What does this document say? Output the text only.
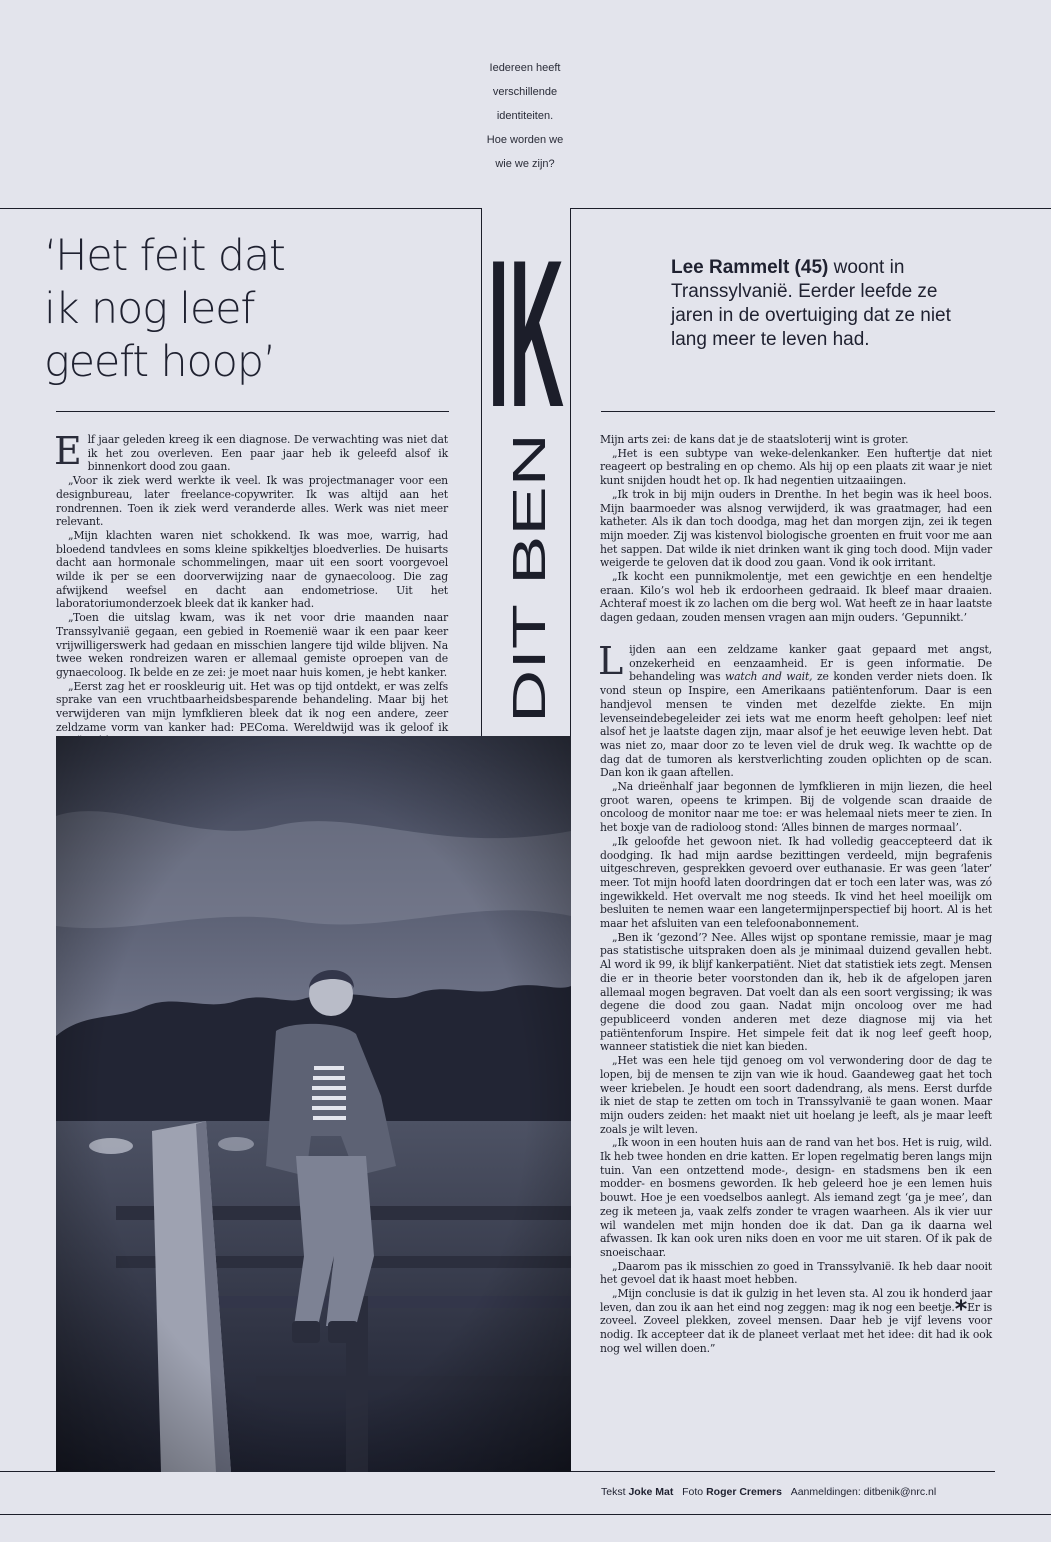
Iedereen heeft
verschillende
identiteiten.
Hoe worden we
wie we zijn?
‘Het feit dat
ik nog leef
geeft hoop’	IK
DIT BEN
Lee Rammelt (45) woont in Transsylvanië. Eerder leefde ze jaren in de overtuiging dat ze niet lang meer te leven had.

Elf jaar geleden kreeg ik een diagnose. De verwachting was niet dat ik het zou overleven. Een paar jaar heb ik geleefd alsof ik binnenkort dood zou gaan.

„Voor ik ziek werd werkte ik veel. Ik was projectmanager voor een designbureau, later freelance-copywriter. Ik was altijd aan het rondrennen. Toen ik ziek werd veranderde alles. Werk was niet meer relevant.

„Mijn klachten waren niet schokkend. Ik was moe, warrig, had bloedend tandvlees en soms kleine spikkeltjes bloedverlies. De huisarts dacht aan hormonale schommelingen, maar uit een soort voorgevoel wilde ik per se een doorverwijzing naar de gynaecoloog. Die zag afwijkend weefsel en dacht aan endometriose. Uit het laboratoriumonderzoek bleek dat ik kanker had.

„Toen die uitslag kwam, was ik net voor drie maanden naar Transsylvanië gegaan, een gebied in Roemenië waar ik een paar keer vrijwilligerswerk had gedaan en misschien langere tijd wilde blijven. Na twee weken rondreizen waren er allemaal gemiste oproepen van de gynaecoloog. Ik belde en ze zei: je moet naar huis komen, je hebt kanker.

„Eerst zag het er rooskleurig uit. Het was op tijd ontdekt, er was zelfs sprake van een vruchtbaarheidsbesparende behandeling. Maar bij het verwijderen van mijn lymfklieren bleek dat ik nog een andere, zeer zeldzame vorm van kanker had: PEComa. Wereldwijd was ik geloof ik

Mijn arts zei: de kans dat je de staatsloterij wint is groter.

„Het is een subtype van weke-delenkanker. Een huftertje dat niet reageert op bestraling en op chemo. Als hij op een plaats zit waar je niet kunt snijden houdt het op. Ik had negentien uitzaaiingen.

„Ik trok in bij mijn ouders in Drenthe. In het begin was ik heel boos. Mijn baarmoeder was alsnog verwijderd, ik was graatmager, had een katheter. Als ik dan toch doodga, mag het dan morgen zijn, zei ik tegen mijn moeder. Zij was kistenvol biologische groenten en fruit voor me aan het sappen. Dat wilde ik niet drinken want ik ging toch dood. Mijn vader weigerde te geloven dat ik dood zou gaan. Vond ik ook irritant.

„Ik kocht een punnikmolentje, met een gewichtje en een hendeltje eraan. Kilo’s wol heb ik erdoorheen gedraaid. Ik bleef maar draaien. Achteraf moest ik zo lachen om die berg wol. Wat heeft ze in haar laatste dagen gedaan, zouden mensen vragen aan mijn ouders. ‘Gepunnikt.’

Lijden aan een zeldzame kanker gaat gepaard met angst, onzekerheid en eenzaamheid. Er is geen informatie. De behandeling was watch and wait, ze konden verder niets doen. Ik vond steun op Inspire, een Amerikaans patiëntenforum. Daar is een handjevol mensen te vinden met dezelfde ziekte. En mijn levenseindebegeleider zei iets wat me enorm heeft geholpen: leef niet alsof het je laatste dagen zijn, maar alsof je het eeuwige leven hebt. Dat was niet zo, maar door zo te leven viel de druk weg. Ik wachtte op de dag dat de tumoren als kerstverlichting zouden oplichten op de scan. Dan kon ik gaan aftellen.

„Na drieënhalf jaar begonnen de lymfklieren in mijn liezen, die heel groot waren, opeens te krimpen. Bij de volgende scan draaide de oncoloog de monitor naar me toe: er was helemaal niets meer te zien. In het boxje van de radioloog stond: ‘Alles binnen de marges normaal’.

„Ik geloofde het gewoon niet. Ik had volledig geaccepteerd dat ik doodging. Ik had mijn aardse bezittingen verdeeld, mijn begrafenis uitgeschreven, gesprekken gevoerd over euthanasie. Er was geen ‘later’ meer. Tot mijn hoofd laten doordringen dat er toch een later was, was zó ingewikkeld. Het overvalt me nog steeds. Ik vind het heel moeilijk om besluiten te nemen waar een langetermijnperspectief bij hoort. Al is het maar het afsluiten van een telefoonabonnement.

„Ben ik ‘gezond’? Nee. Alles wijst op spontane remissie, maar je mag pas statistische uitspraken doen als je minimaal duizend gevallen hebt. Al word ik 99, ik blijf kankerpatiënt. Niet dat statistiek iets zegt. Mensen die er in theorie beter voorstonden dan ik, heb ik de afgelopen jaren allemaal mogen begraven. Dat voelt dan als een soort vergissing; ik was degene die dood zou gaan. Nadat mijn oncoloog over me had gepubliceerd vonden anderen met deze diagnose mij via het patiëntenforum Inspire. Het simpele feit dat ik nog leef geeft hoop, wanneer statistiek die niet kan bieden.

„Het was een hele tijd genoeg om vol verwondering door de dag te lopen, bij de mensen te zijn van wie ik houd. Gaandeweg gaat het toch weer kriebelen. Je houdt een soort dadendrang, als mens. Eerst durfde ik niet de stap te zetten om toch in Transsylvanië te gaan wonen. Maar mijn ouders zeiden: het maakt niet uit hoelang je leeft, als je maar leeft zoals je wilt leven.

„Ik woon in een houten huis aan de rand van het bos. Het is ruig, wild. Ik heb twee honden en drie katten. Er lopen regelmatig beren langs mijn tuin. Van een ontzettend mode-, design- en stadsmens ben ik een modder- en bosmens geworden. Ik heb geleerd hoe je een lemen huis bouwt. Hoe je een voedselbos aanlegt. Als iemand zegt ‘ga je mee’, dan zeg ik meteen ja, vaak zelfs zonder te vragen waarheen. Als ik vier uur wil wandelen met mijn honden doe ik dat. Dan ga ik daarna wel afwassen. Ik kan ook uren niks doen en voor me uit staren. Of ik pak de snoeischaar.

„Daarom pas ik misschien zo goed in Transsylvanië. Ik heb daar nooit het gevoel dat ik haast moet hebben.

„Mijn conclusie is dat ik gulzig in het leven sta. Al zou ik honderd jaar leven, dan zou ik aan het eind nog zeggen: mag ik nog een beetje.*Er is zoveel. Zoveel plekken, zoveel mensen. Daar heb je vijf levens voor nodig. Ik accepteer dat ik de planeet verlaat met het idee: dit had ik ook nog wel willen doen.”

Tekst Joke Mat Foto Roger Cremers Aanmeldingen: ditbenik@nrc.nl
